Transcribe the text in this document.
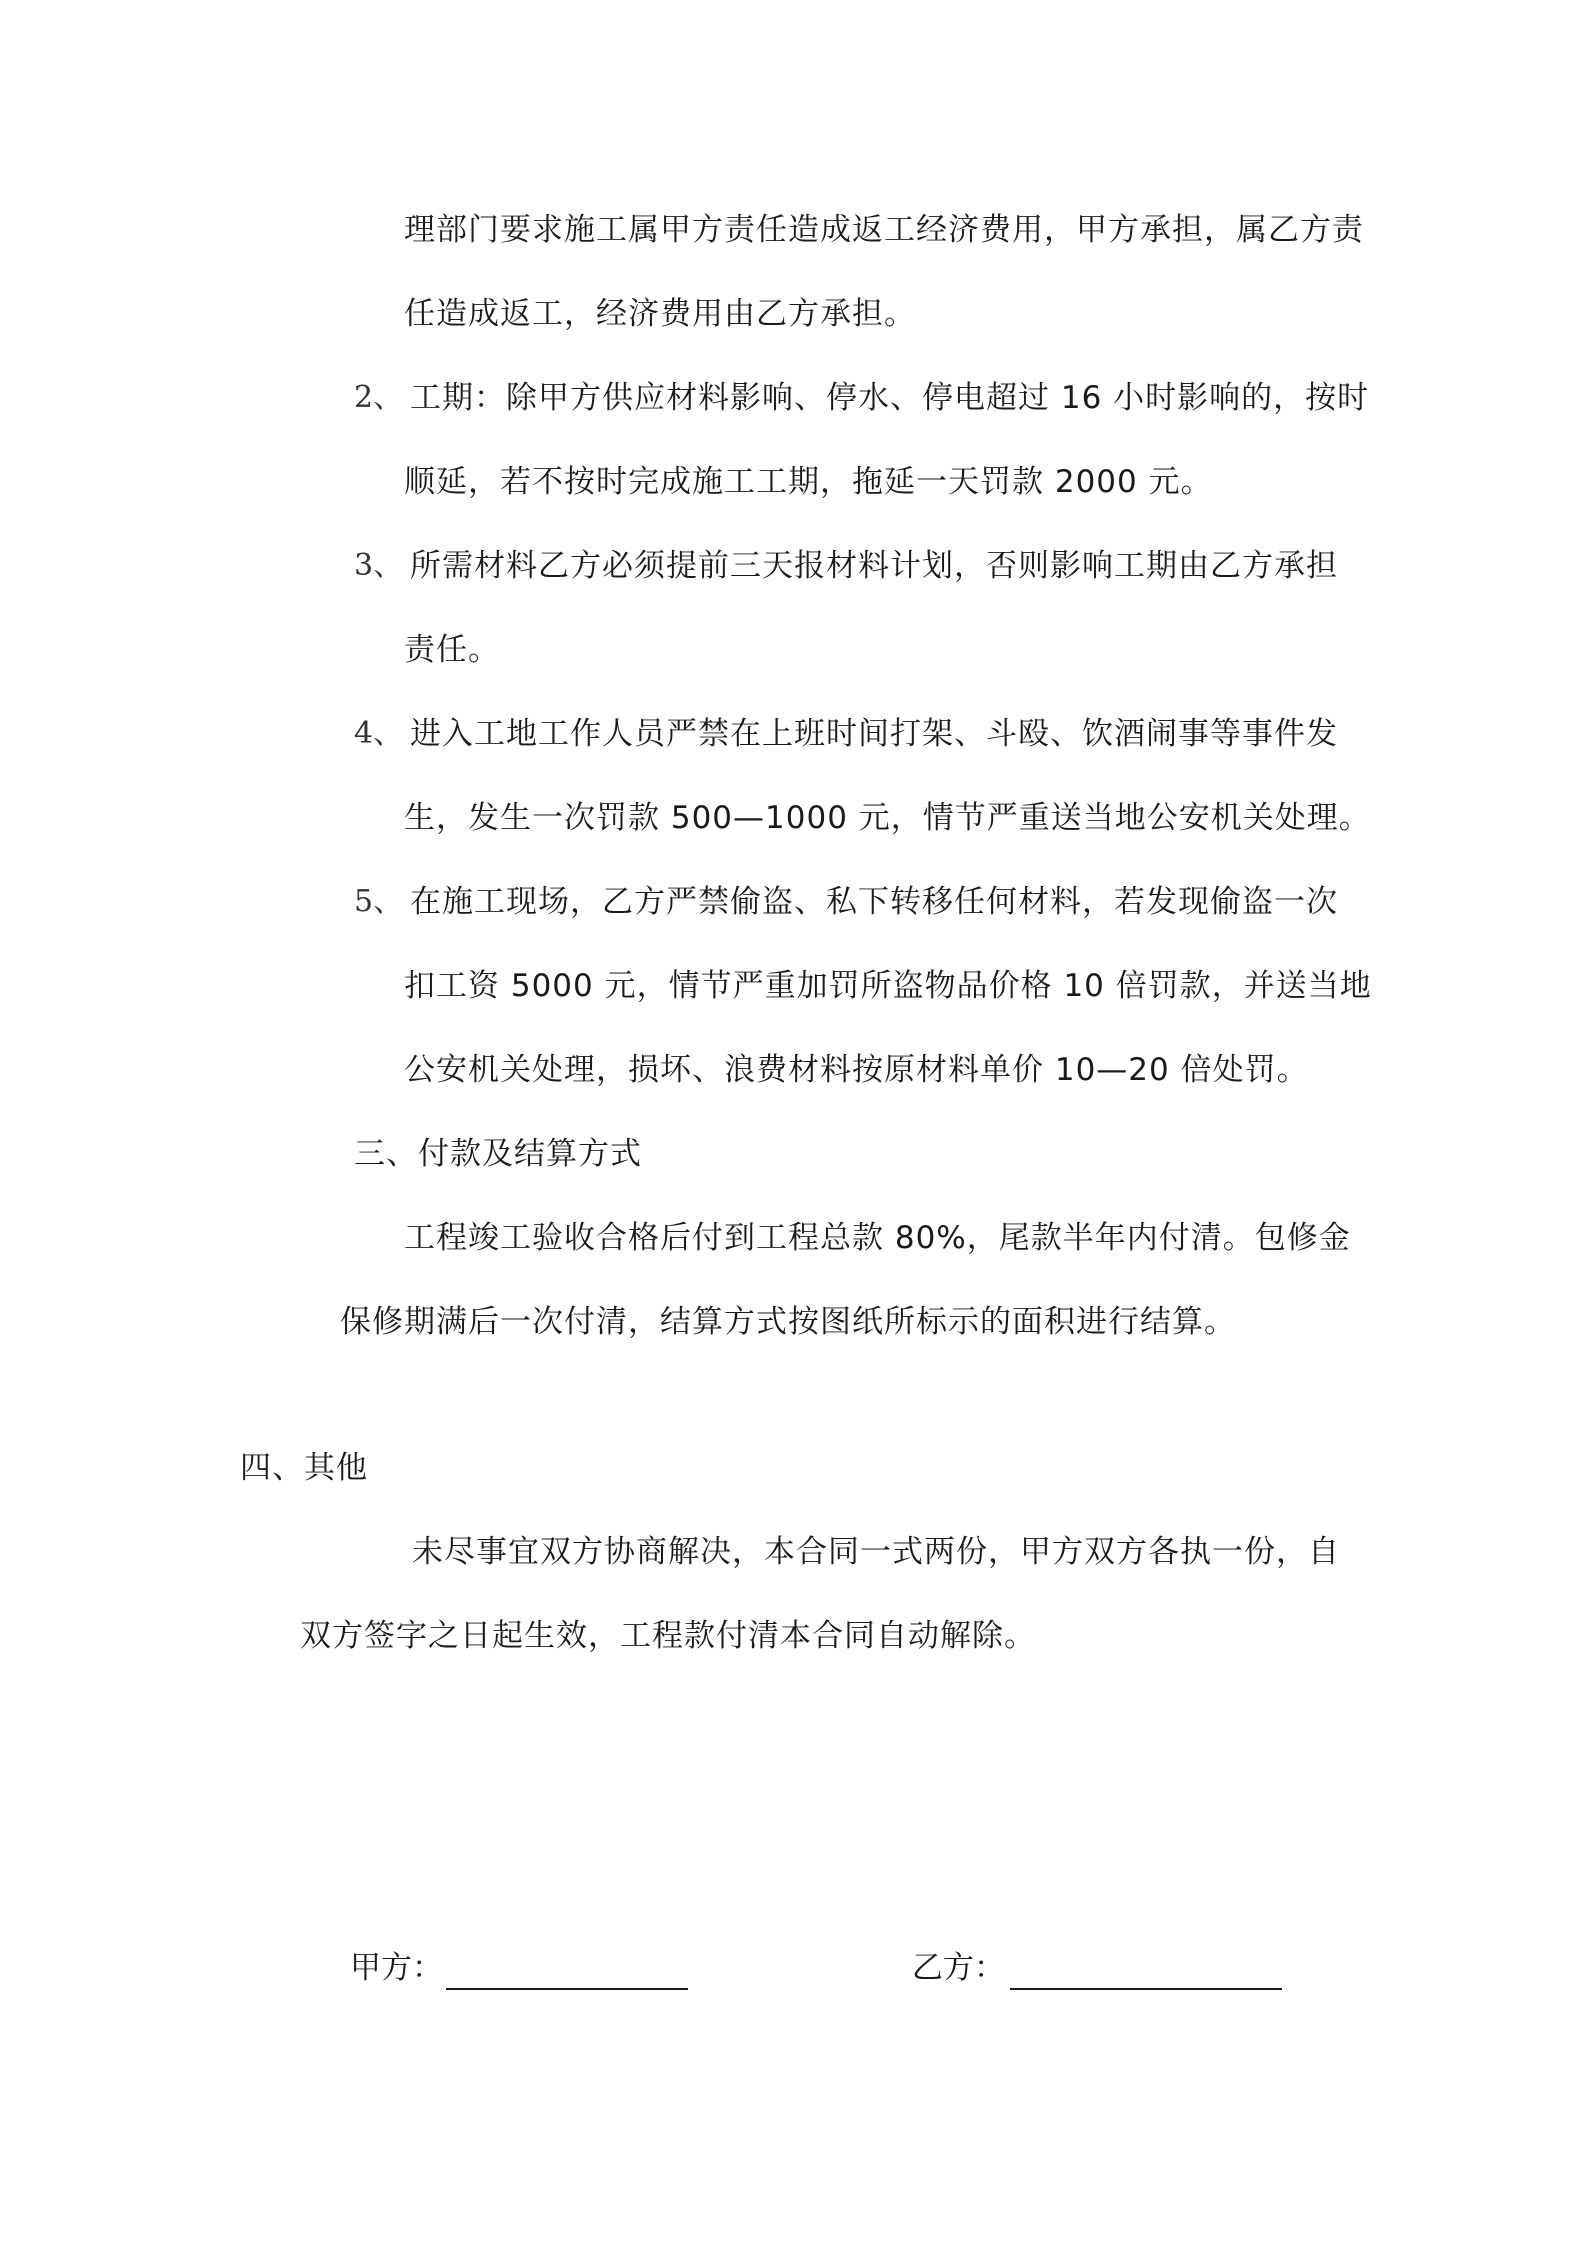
理部门要求施工属甲方责任造成返工经济费用，甲方承担，属乙方责
任造成返工，经济费用由乙方承担。
2、 工期：除甲方供应材料影响、停水、停电超过 16 小时影响的，按时
顺延，若不按时完成施工工期，拖延一天罚款 2000 元。
3、 所需材料乙方必须提前三天报材料计划，否则影响工期由乙方承担
责任。
4、 进入工地工作人员严禁在上班时间打架、斗殴、饮酒闹事等事件发
生，发生一次罚款 500—1000 元，情节严重送当地公安机关处理。
5、 在施工现场，乙方严禁偷盗、私下转移任何材料，若发现偷盗一次
扣工资 5000 元，情节严重加罚所盗物品价格 10 倍罚款，并送当地
公安机关处理，损坏、浪费材料按原材料单价 10—20 倍处罚。
三、付款及结算方式
工程竣工验收合格后付到工程总款 80%，尾款半年内付清。包修金
保修期满后一次付清，结算方式按图纸所标示的面积进行结算。
四、其他
未尽事宜双方协商解决，本合同一式两份，甲方双方各执一份，自
双方签字之日起生效，工程款付清本合同自动解除。
甲方：	乙方：
